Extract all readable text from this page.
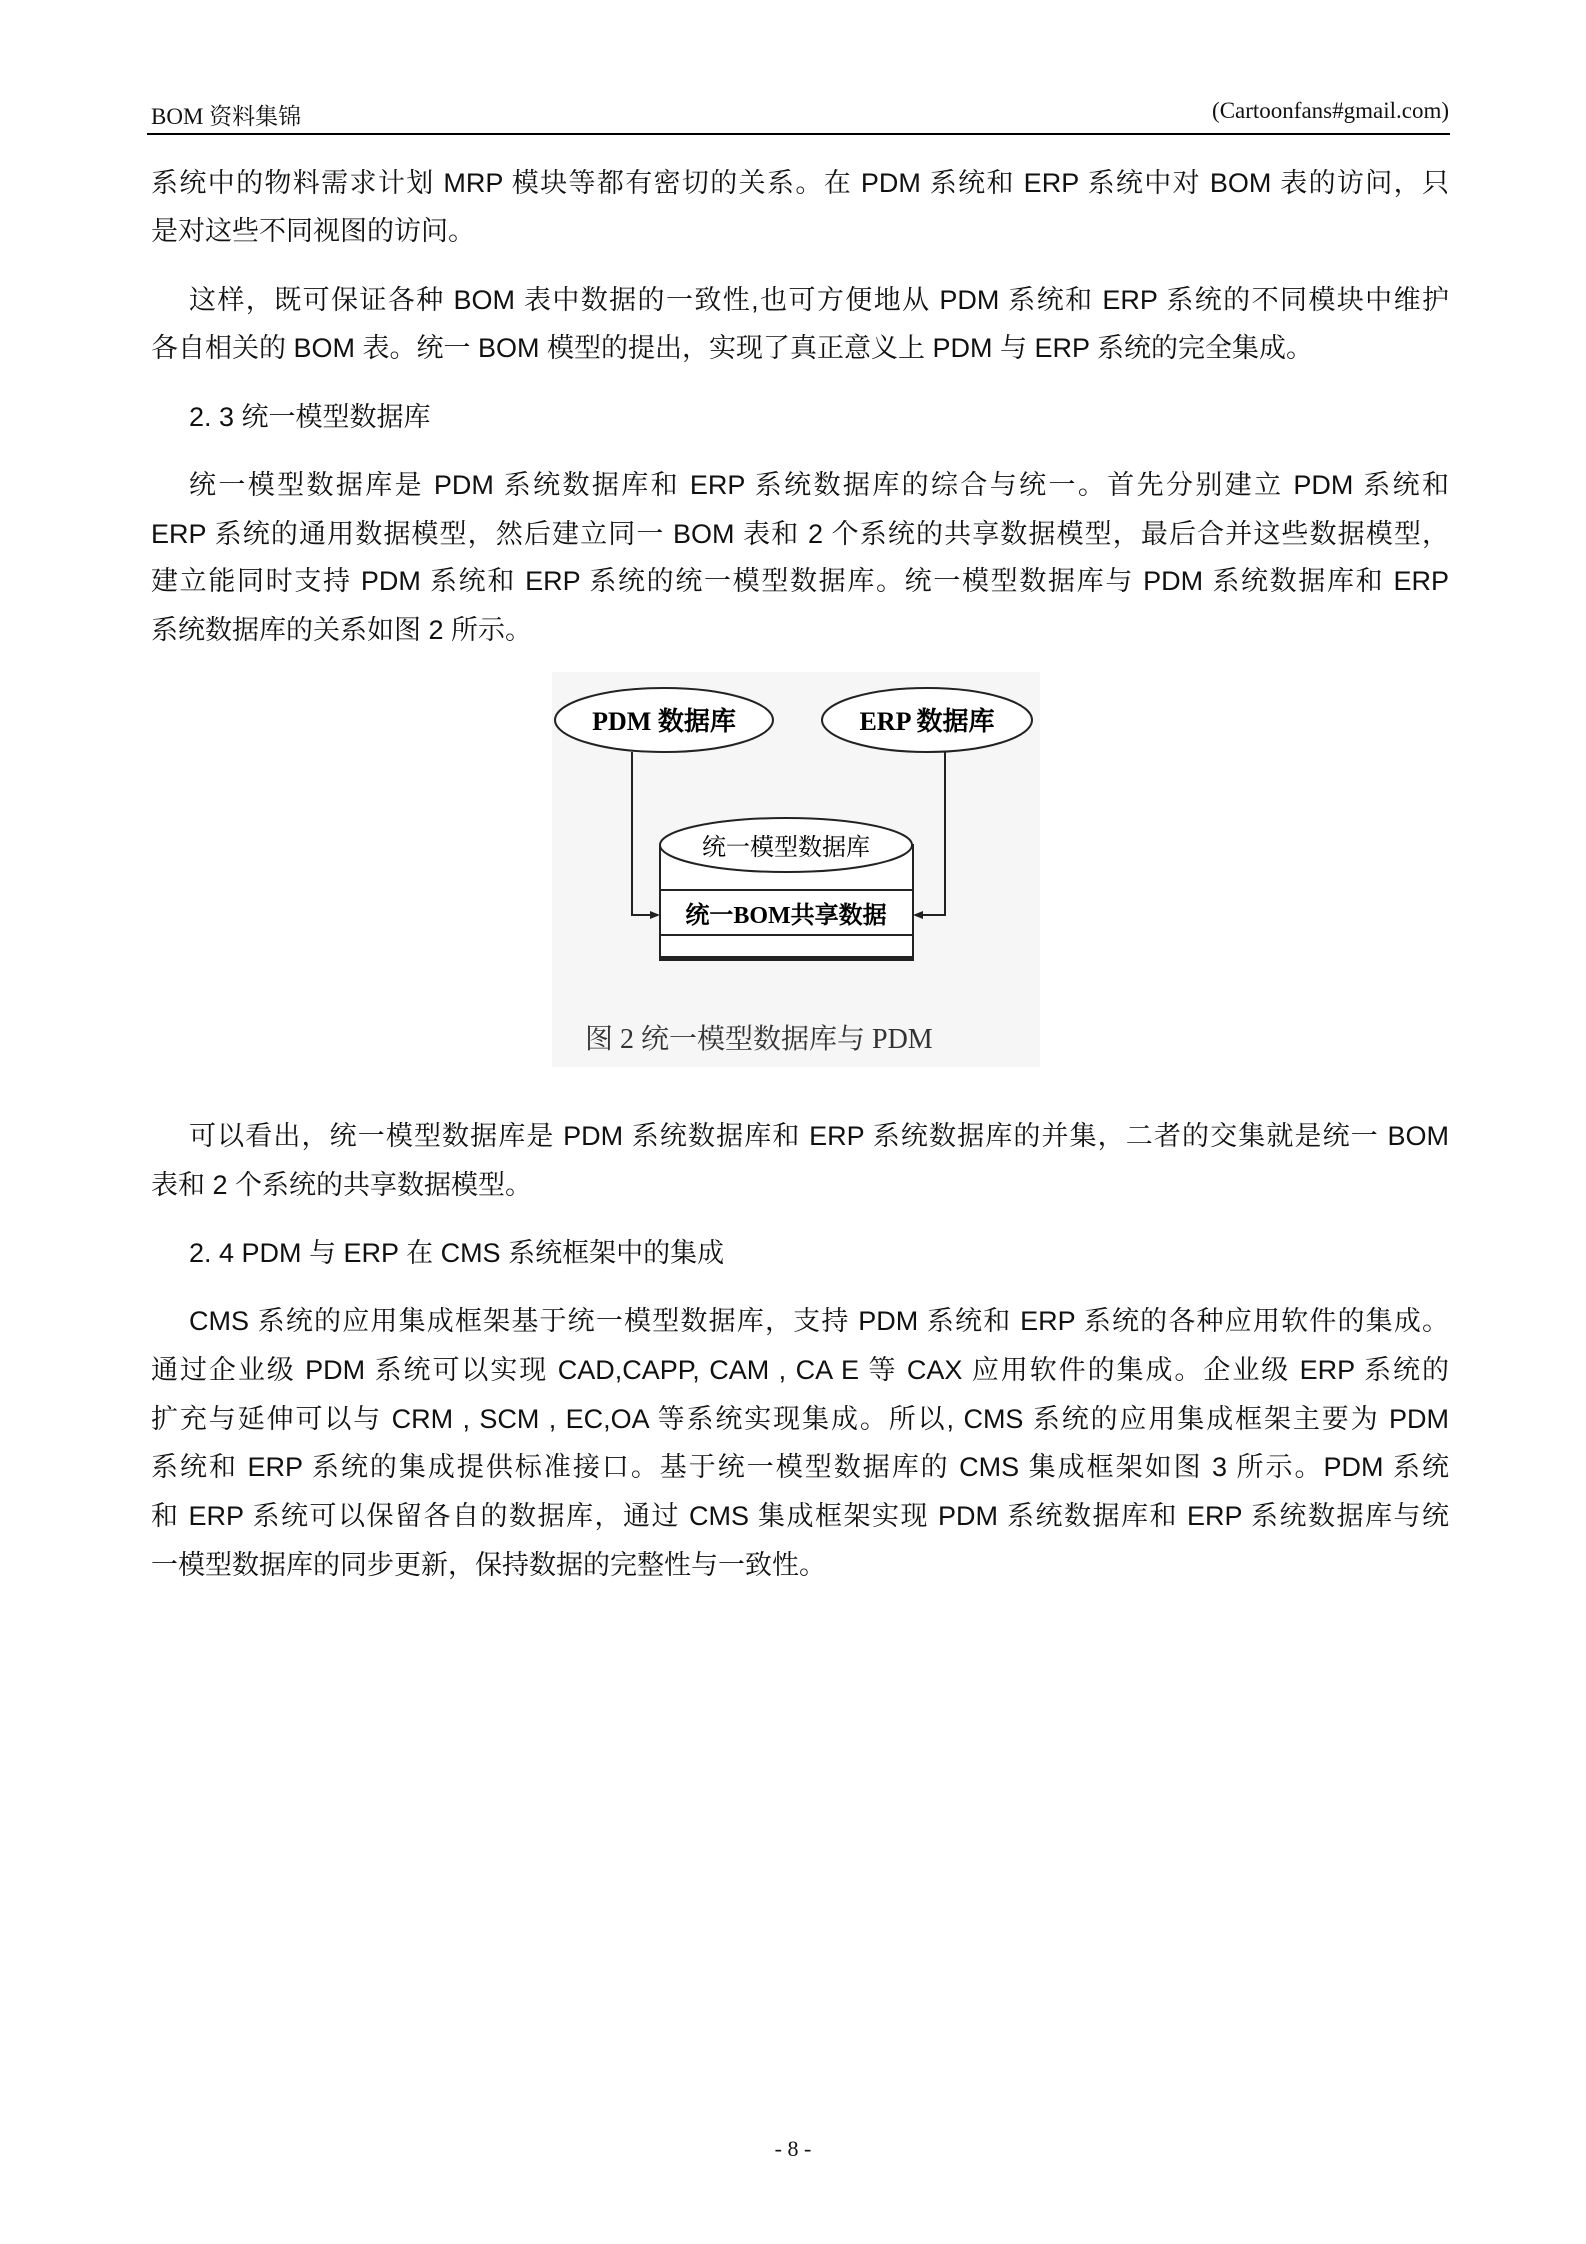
BOM 资料集锦	(Cartoonfans#gmail.com)
系统中的物料需求计划 MRP 模块等都有密切的关系。在 PDM 系统和 ERP 系统中对 BOM 表的访问，只
是对这些不同视图的访问。
这样，既可保证各种 BOM 表中数据的一致性,也可方便地从 PDM 系统和 ERP 系统的不同模块中维护
各自相关的 BOM 表。统一 BOM 模型的提出，实现了真正意义上 PDM 与 ERP 系统的完全集成。
2. 3 统一模型数据库
统一模型数据库是 PDM 系统数据库和 ERP 系统数据库的综合与统一。首先分别建立 PDM 系统和
ERP 系统的通用数据模型，然后建立同一 BOM 表和 2 个系统的共享数据模型，最后合并这些数据模型，
建立能同时支持 PDM 系统和 ERP 系统的统一模型数据库。统一模型数据库与 PDM 系统数据库和 ERP
系统数据库的关系如图 2 所示。
PDM 数据库	ERP 数据库
统一模型数据库
统一BOM共享数据
图 2 统一模型数据库与 PDM
可以看出，统一模型数据库是 PDM 系统数据库和 ERP 系统数据库的并集，二者的交集就是统一 BOM
表和 2 个系统的共享数据模型。
2. 4 PDM 与 ERP 在 CMS 系统框架中的集成
CMS 系统的应用集成框架基于统一模型数据库，支持 PDM 系统和 ERP 系统的各种应用软件的集成。
通过企业级 PDM 系统可以实现 CAD,CAPP, CAM , CA E 等 CAX 应用软件的集成。企业级 ERP 系统的
扩充与延伸可以与 CRM , SCM , EC,OA 等系统实现集成。所以, CMS 系统的应用集成框架主要为 PDM
系统和 ERP 系统的集成提供标准接口。基于统一模型数据库的 CMS 集成框架如图 3 所示。PDM 系统
和 ERP 系统可以保留各自的数据库，通过 CMS 集成框架实现 PDM 系统数据库和 ERP 系统数据库与统
一模型数据库的同步更新，保持数据的完整性与一致性。
- 8 -
